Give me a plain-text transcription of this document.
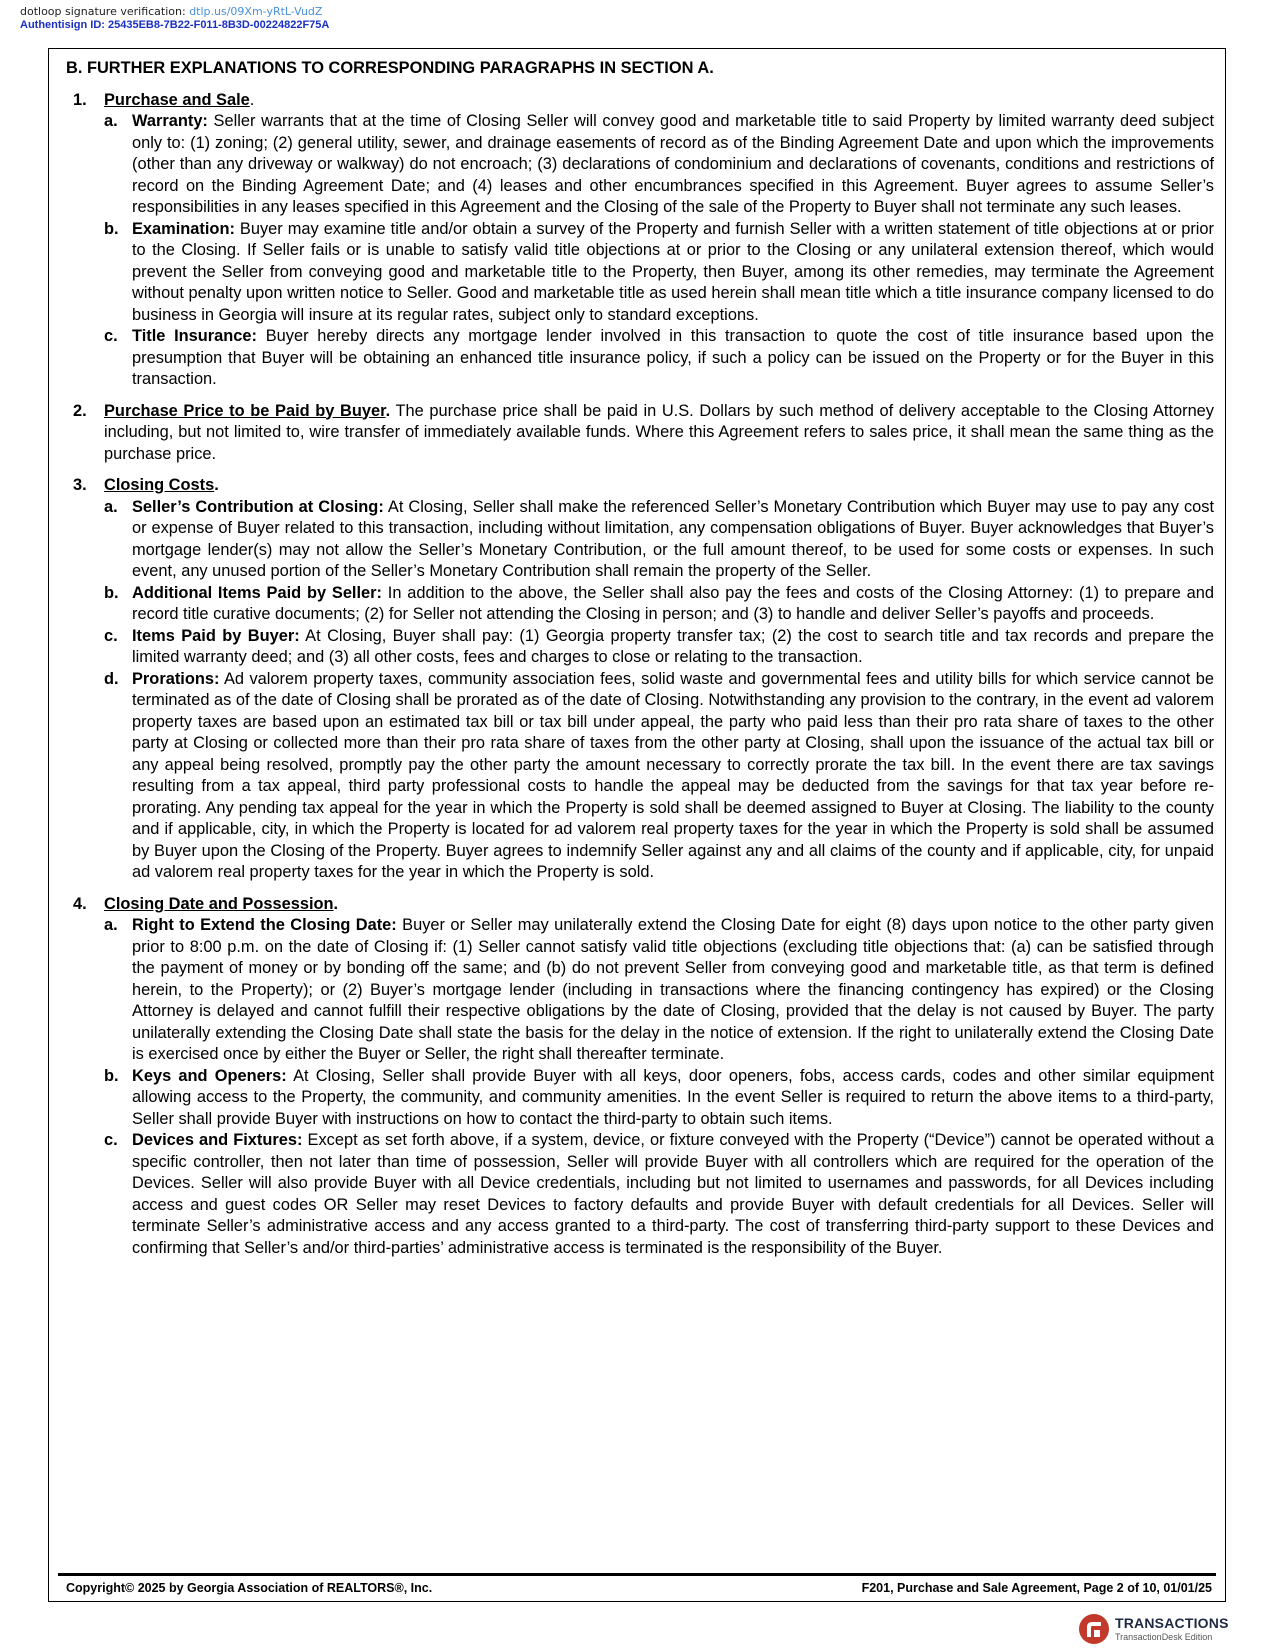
dotloop signature verification: dtlp.us/09Xm-yRtL-VudZ
Authentisign ID: 25435EB8-7B22-F011-8B3D-00224822F75A

B. FURTHER EXPLANATIONS TO CORRESPONDING PARAGRAPHS IN SECTION A.

1. Purchase and Sale.

a. Warranty: Seller warrants that at the time of Closing Seller will convey good and marketable title to said Property by limited warranty deed subject only to: (1) zoning; (2) general utility, sewer, and drainage easements of record as of the Binding Agreement Date and upon which the improvements (other than any driveway or walkway) do not encroach; (3) declarations of condominium and declarations of covenants, conditions and restrictions of record on the Binding Agreement Date; and (4) leases and other encumbrances specified in this Agreement. Buyer agrees to assume Seller’s responsibilities in any leases specified in this Agreement and the Closing of the sale of the Property to Buyer shall not terminate any such leases.

b. Examination: Buyer may examine title and/or obtain a survey of the Property and furnish Seller with a written statement of title objections at or prior to the Closing. If Seller fails or is unable to satisfy valid title objections at or prior to the Closing or any unilateral extension thereof, which would prevent the Seller from conveying good and marketable title to the Property, then Buyer, among its other remedies, may terminate the Agreement without penalty upon written notice to Seller. Good and marketable title as used herein shall mean title which a title insurance company licensed to do business in Georgia will insure at its regular rates, subject only to standard exceptions.

c. Title Insurance: Buyer hereby directs any mortgage lender involved in this transaction to quote the cost of title insurance based upon the presumption that Buyer will be obtaining an enhanced title insurance policy, if such a policy can be issued on the Property or for the Buyer in this transaction.

2. Purchase Price to be Paid by Buyer. The purchase price shall be paid in U.S. Dollars by such method of delivery acceptable to the Closing Attorney including, but not limited to, wire transfer of immediately available funds. Where this Agreement refers to sales price, it shall mean the same thing as the purchase price.

3. Closing Costs.

a. Seller’s Contribution at Closing: At Closing, Seller shall make the referenced Seller’s Monetary Contribution which Buyer may use to pay any cost or expense of Buyer related to this transaction, including without limitation, any compensation obligations of Buyer. Buyer acknowledges that Buyer’s mortgage lender(s) may not allow the Seller’s Monetary Contribution, or the full amount thereof, to be used for some costs or expenses. In such event, any unused portion of the Seller’s Monetary Contribution shall remain the property of the Seller.

b. Additional Items Paid by Seller: In addition to the above, the Seller shall also pay the fees and costs of the Closing Attorney: (1) to prepare and record title curative documents; (2) for Seller not attending the Closing in person; and (3) to handle and deliver Seller’s payoffs and proceeds.

c. Items Paid by Buyer: At Closing, Buyer shall pay: (1) Georgia property transfer tax; (2) the cost to search title and tax records and prepare the limited warranty deed; and (3) all other costs, fees and charges to close or relating to the transaction.

d. Prorations: Ad valorem property taxes, community association fees, solid waste and governmental fees and utility bills for which service cannot be terminated as of the date of Closing shall be prorated as of the date of Closing. Notwithstanding any provision to the contrary, in the event ad valorem property taxes are based upon an estimated tax bill or tax bill under appeal, the party who paid less than their pro rata share of taxes to the other party at Closing or collected more than their pro rata share of taxes from the other party at Closing, shall upon the issuance of the actual tax bill or any appeal being resolved, promptly pay the other party the amount necessary to correctly prorate the tax bill. In the event there are tax savings resulting from a tax appeal, third party professional costs to handle the appeal may be deducted from the savings for that tax year before re-prorating. Any pending tax appeal for the year in which the Property is sold shall be deemed assigned to Buyer at Closing. The liability to the county and if applicable, city, in which the Property is located for ad valorem real property taxes for the year in which the Property is sold shall be assumed by Buyer upon the Closing of the Property. Buyer agrees to indemnify Seller against any and all claims of the county and if applicable, city, for unpaid ad valorem real property taxes for the year in which the Property is sold.

4. Closing Date and Possession.

a. Right to Extend the Closing Date: Buyer or Seller may unilaterally extend the Closing Date for eight (8) days upon notice to the other party given prior to 8:00 p.m. on the date of Closing if: (1) Seller cannot satisfy valid title objections (excluding title objections that: (a) can be satisfied through the payment of money or by bonding off the same; and (b) do not prevent Seller from conveying good and marketable title, as that term is defined herein, to the Property); or (2) Buyer’s mortgage lender (including in transactions where the financing contingency has expired) or the Closing Attorney is delayed and cannot fulfill their respective obligations by the date of Closing, provided that the delay is not caused by Buyer. The party unilaterally extending the Closing Date shall state the basis for the delay in the notice of extension. If the right to unilaterally extend the Closing Date is exercised once by either the Buyer or Seller, the right shall thereafter terminate.

b. Keys and Openers: At Closing, Seller shall provide Buyer with all keys, door openers, fobs, access cards, codes and other similar equipment allowing access to the Property, the community, and community amenities. In the event Seller is required to return the above items to a third-party, Seller shall provide Buyer with instructions on how to contact the third-party to obtain such items.

c. Devices and Fixtures: Except as set forth above, if a system, device, or fixture conveyed with the Property (“Device”) cannot be operated without a specific controller, then not later than time of possession, Seller will provide Buyer with all controllers which are required for the operation of the Devices. Seller will also provide Buyer with all Device credentials, including but not limited to usernames and passwords, for all Devices including access and guest codes OR Seller may reset Devices to factory defaults and provide Buyer with default credentials for all Devices. Seller will terminate Seller’s administrative access and any access granted to a third-party. The cost of transferring third-party support to these Devices and confirming that Seller’s and/or third-parties’ administrative access is terminated is the responsibility of the Buyer.

Copyright© 2025 by Georgia Association of REALTORS®, Inc.	F201, Purchase and Sale Agreement, Page 2 of 10, 01/01/25
TRANSACTIONS
TransactionDesk Edition
